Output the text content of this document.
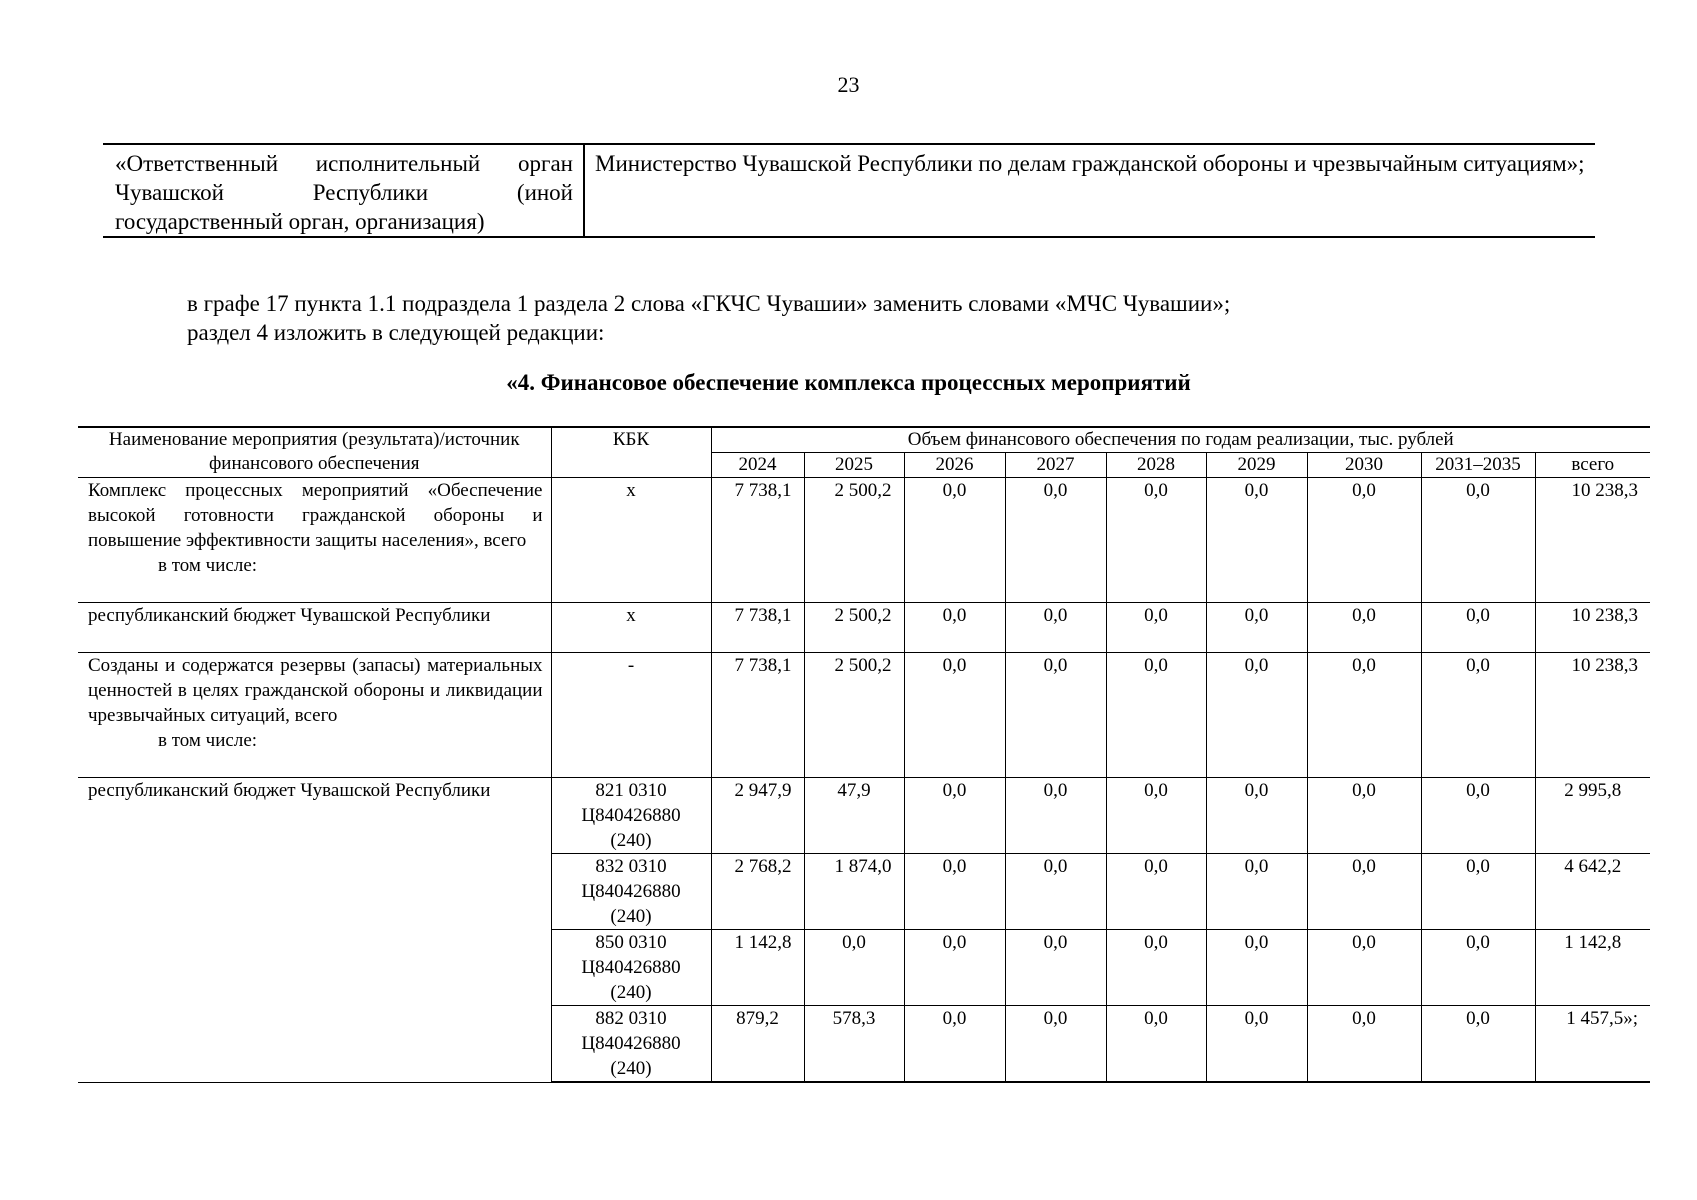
23
«Ответственный исполнительный орган Чувашской Республики (иной государственный орган, организация)	Министерство Чувашской Республики по делам гражданской обороны и чрезвычайным ситуациям»;
в графе 17 пункта 1.1 подраздела 1 раздела 2 слова «ГКЧС Чувашии» заменить словами «МЧС Чувашии»;
раздел 4 изложить в следующей редакции:
«4. Финансовое обеспечение комплекса процессных мероприятий
Наименование мероприятия (результата)/источник финансового обеспечения	КБК	Объем финансового обеспечения по годам реализации, тыс. рублей								
		2024	2025	2026	2027	2028	2029	2030	2031–2035	всего
Комплекс процессных мероприятий «Обеспечение высокой готовности гражданской обороны и повышение эффективности защиты населения», всего
в том числе:	х	7 738,1	2 500,2	0,0	0,0	0,0	0,0	0,0	0,0	10 238,3
республиканский бюджет Чувашской Республики	х	7 738,1	2 500,2	0,0	0,0	0,0	0,0	0,0	0,0	10 238,3
Созданы и содержатся резервы (запасы) материальных ценностей в целях гражданской обороны и ликвидации чрезвычайных ситуаций, всего
в том числе:	-	7 738,1	2 500,2	0,0	0,0	0,0	0,0	0,0	0,0	10 238,3
республиканский бюджет Чувашской Республики	821 0310
Ц840426880
(240)	2 947,9	47,9	0,0	0,0	0,0	0,0	0,0	0,0	2 995,8
	832 0310
Ц840426880
(240)	2 768,2	1 874,0	0,0	0,0	0,0	0,0	0,0	0,0	4 642,2
	850 0310
Ц840426880
(240)	1 142,8	0,0	0,0	0,0	0,0	0,0	0,0	0,0	1 142,8
	882 0310
Ц840426880
(240)	879,2	578,3	0,0	0,0	0,0	0,0	0,0	0,0	1 457,5»;
